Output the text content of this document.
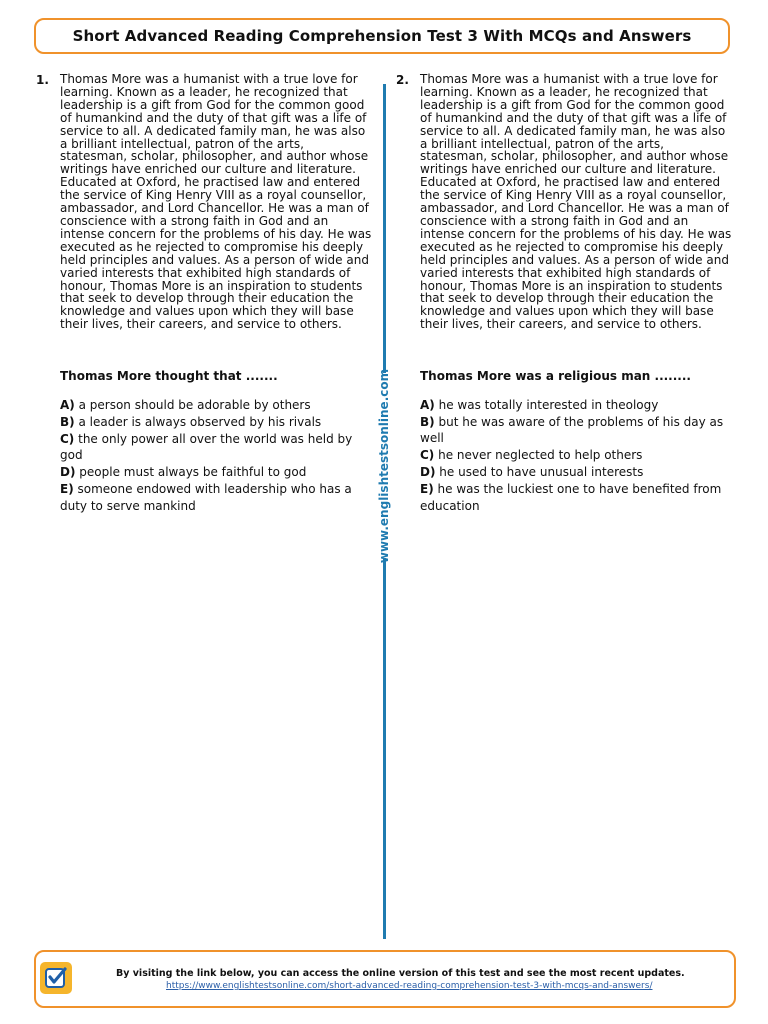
Short Advanced Reading Comprehension Test 3 With MCQs and Answers
1. Thomas More was a humanist with a true love for learning. Known as a leader, he recognized that leadership is a gift from God for the common good of humankind and the duty of that gift was a life of service to all. A dedicated family man, he was also a brilliant intellectual, patron of the arts, statesman, scholar, philosopher, and author whose writings have enriched our culture and literature. Educated at Oxford, he practised law and entered the service of King Henry VIII as a royal counsellor, ambassador, and Lord Chancellor. He was a man of conscience with a strong faith in God and an intense concern for the problems of his day. He was executed as he rejected to compromise his deeply held principles and values. As a person of wide and varied interests that exhibited high standards of honour, Thomas More is an inspiration to students that seek to develop through their education the knowledge and values upon which they will base their lives, their careers, and service to others.

Thomas More thought that .......
A) a person should be adorable by others
B) a leader is always observed by his rivals
C) the only power all over the world was held by god
D) people must always be faithful to god
E) someone endowed with leadership who has a duty to serve mankind	www.englishtestsonline.com
2. Thomas More was a humanist with a true love for learning. Known as a leader, he recognized that leadership is a gift from God for the common good of humankind and the duty of that gift was a life of service to all. A dedicated family man, he was also a brilliant intellectual, patron of the arts, statesman, scholar, philosopher, and author whose writings have enriched our culture and literature. Educated at Oxford, he practised law and entered the service of King Henry VIII as a royal counsellor, ambassador, and Lord Chancellor. He was a man of conscience with a strong faith in God and an intense concern for the problems of his day. He was executed as he rejected to compromise his deeply held principles and values. As a person of wide and varied interests that exhibited high standards of honour, Thomas More is an inspiration to students that seek to develop through their education the knowledge and values upon which they will base their lives, their careers, and service to others.

Thomas More was a religious man ........
A) he was totally interested in theology
B) but he was aware of the problems of his day as well
C) he never neglected to help others
D) he used to have unusual interests
E) he was the luckiest one to have benefited from education
By visiting the link below, you can access the online version of this test and see the most recent updates.
https://www.englishtestsonline.com/short-advanced-reading-comprehension-test-3-with-mcqs-and-answers/
